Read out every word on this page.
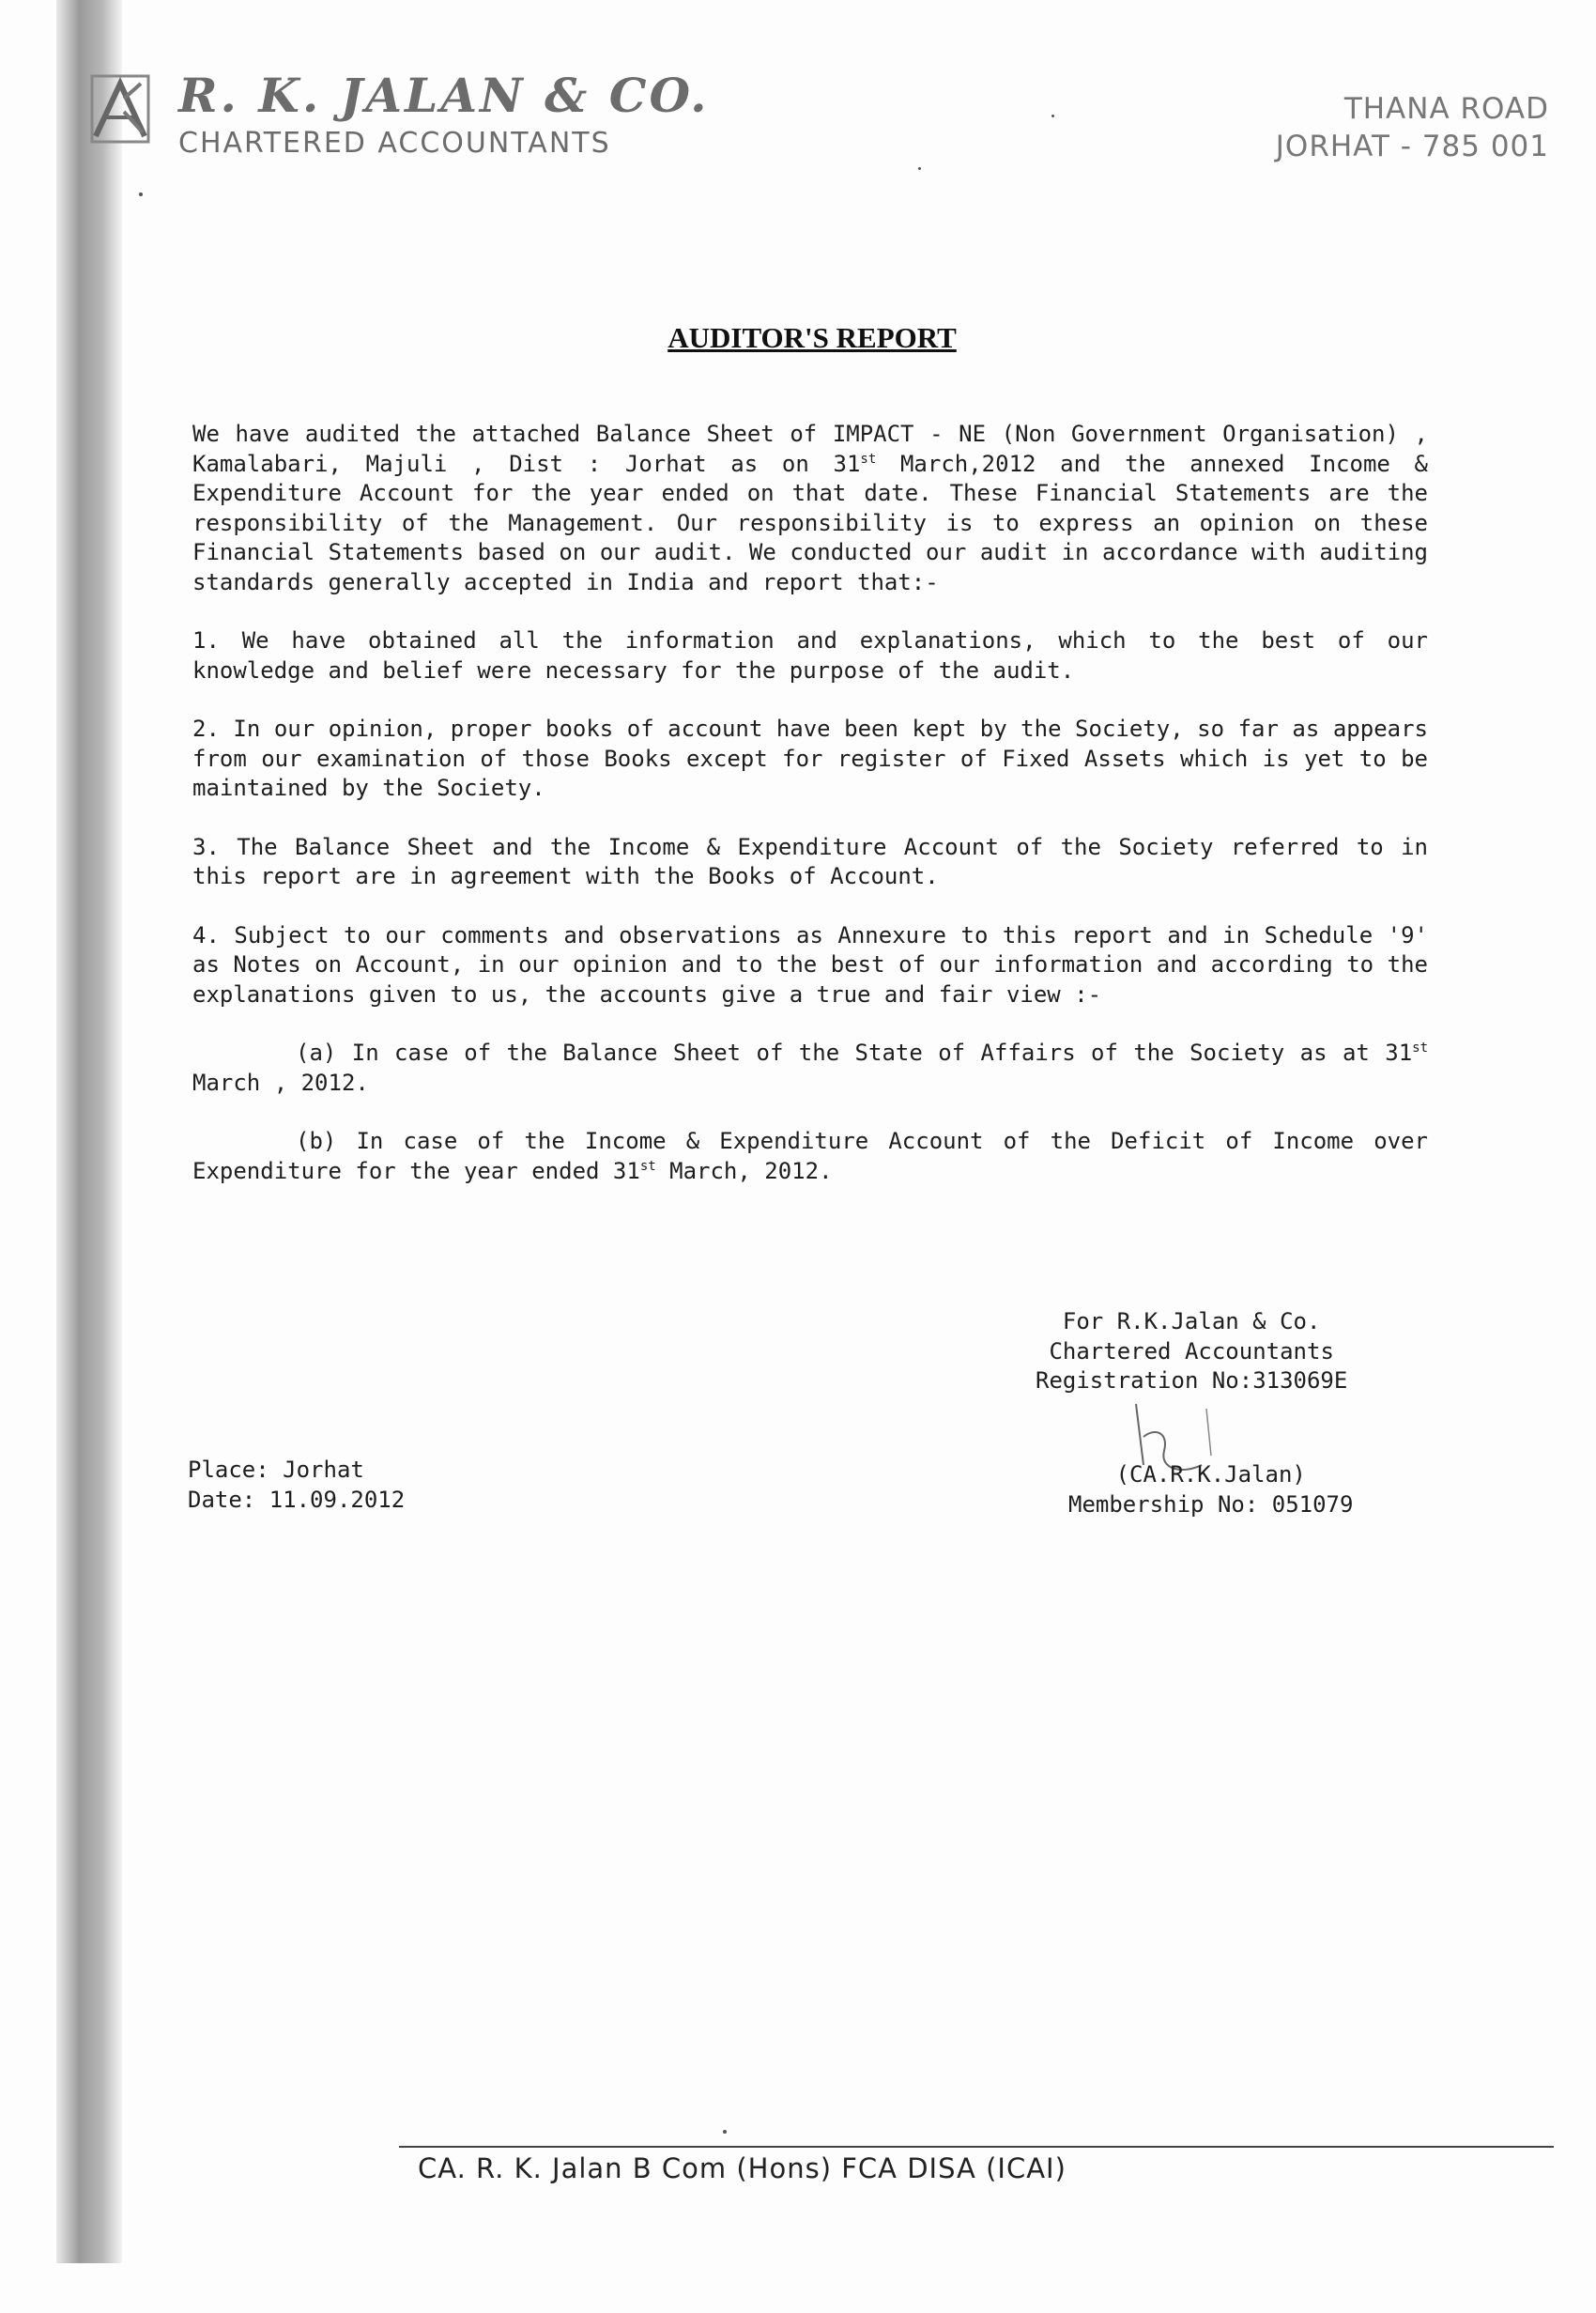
R. K. JALAN & CO.
CHARTERED ACCOUNTANTS
THANA ROAD
JORHAT - 785 001
AUDITOR'S REPORT

We have audited the attached Balance Sheet of IMPACT - NE (Non Government Organisation) , Kamalabari, Majuli , Dist : Jorhat as on 31st March,2012 and the annexed Income & Expenditure Account for the year ended on that date. These Financial Statements are the responsibility of the Management. Our responsibility is to express an opinion on these Financial Statements based on our audit. We conducted our audit in accordance with auditing standards generally accepted in India and report that:-

1. We have obtained all the information and explanations, which to the best of our knowledge and belief were necessary for the purpose of the audit.

2. In our opinion, proper books of account have been kept by the Society, so far as appears from our examination of those Books except for register of Fixed Assets which is yet to be maintained by the Society.

3. The Balance Sheet and the Income & Expenditure Account of the Society referred to in this report are in agreement with the Books of Account.

4. Subject to our comments and observations as Annexure to this report and in Schedule '9' as Notes on Account, in our opinion and to the best of our information and according to the explanations given to us, the accounts give a true and fair view :-

(a) In case of the Balance Sheet of the State of Affairs of the Society as at 31st March , 2012.

(b) In case of the Income & Expenditure Account of the Deficit of Income over Expenditure for the year ended 31st March, 2012.

For R.K.Jalan & Co.
Chartered Accountants
Registration No:313069E
(CA.R.K.Jalan)
Membership No: 051079
Place: Jorhat
Date: 11.09.2012
CA. R. K. Jalan B Com (Hons) FCA DISA (ICAI)
